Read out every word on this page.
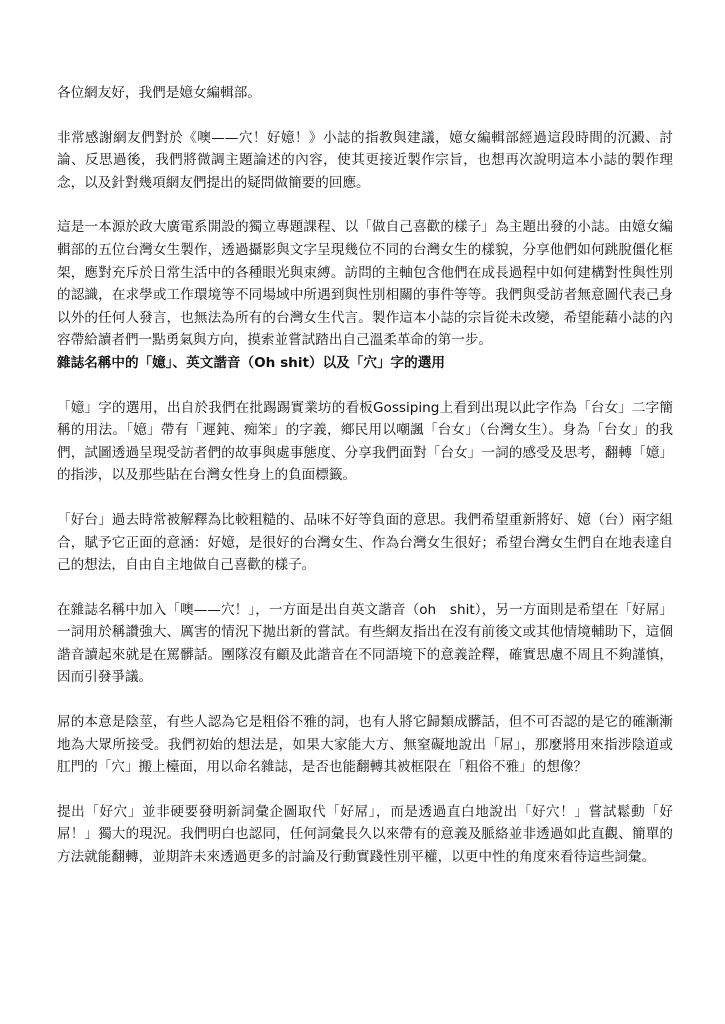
各位網友好，我們是嬑女編輯部。

非常感謝網友們對於《噢——穴！好嬑！》小誌的指教與建議，嬑女編輯部經過這段時間的沉澱、討論、反思過後，我們將微調主題論述的內容，使其更接近製作宗旨，也想再次說明這本小誌的製作理念，以及針對幾項網友們提出的疑問做簡要的回應。

這是一本源於政大廣電系開設的獨立專題課程、以「做自己喜歡的樣子」為主題出發的小誌。由嬑女編輯部的五位台灣女生製作，透過攝影與文字呈現幾位不同的台灣女生的樣貌，分享他們如何跳脫僵化框架，應對充斥於日常生活中的各種眼光與束縛。訪問的主軸包含他們在成長過程中如何建構對性與性別的認識，在求學或工作環境等不同場域中所遇到與性別相關的事件等等。我們與受訪者無意圖代表己身以外的任何人發言，也無法為所有的台灣女生代言。製作這本小誌的宗旨從未改變，希望能藉小誌的內容帶給讀者們一點勇氣與方向，摸索並嘗試踏出自己溫柔革命的第一步。

雜誌名稱中的「嬑」、英文諧音（Oh shit）以及「穴」字的選用

「嬑」字的選用，出自於我們在批踢踢實業坊的看板Gossiping上看到出現以此字作為「台女」二字簡稱的用法。「嬑」帶有「遲鈍、痴笨」的字義，鄉民用以嘲諷「台女」（台灣女生）。身為「台女」的我們，試圖透過呈現受訪者們的故事與處事態度、分享我們面對「台女」一詞的感受及思考，翻轉「嬑」的指涉，以及那些貼在台灣女性身上的負面標籤。

「好台」過去時常被解釋為比較粗糙的、品味不好等負面的意思。我們希望重新將好、嬑（台）兩字組合，賦予它正面的意涵：好嬑，是很好的台灣女生、作為台灣女生很好；希望台灣女生們自在地表達自己的想法，自由自主地做自己喜歡的樣子。

在雜誌名稱中加入「噢——穴！」，一方面是出自英文諧音（oh　shit），另一方面則是希望在「好屌」一詞用於稱讚強大、厲害的情況下拋出新的嘗試。有些網友指出在沒有前後文或其他情境輔助下，這個諧音讀起來就是在罵髒話。團隊沒有顧及此諧音在不同語境下的意義詮釋，確實思慮不周且不夠謹慎，因而引發爭議。

屌的本意是陰莖，有些人認為它是粗俗不雅的詞，也有人將它歸類成髒話，但不可否認的是它的確漸漸地為大眾所接受。我們初始的想法是，如果大家能大方、無窒礙地說出「屌」，那麼將用來指涉陰道或肛門的「穴」搬上檯面，用以命名雜誌，是否也能翻轉其被框限在「粗俗不雅」的想像？

提出「好穴」並非硬要發明新詞彙企圖取代「好屌」，而是透過直白地說出「好穴！」嘗試鬆動「好屌！」獨大的現況。我們明白也認同，任何詞彙長久以來帶有的意義及脈絡並非透過如此直觀、簡單的方法就能翻轉，並期許未來透過更多的討論及行動實踐性別平權，以更中性的角度來看待這些詞彙。
